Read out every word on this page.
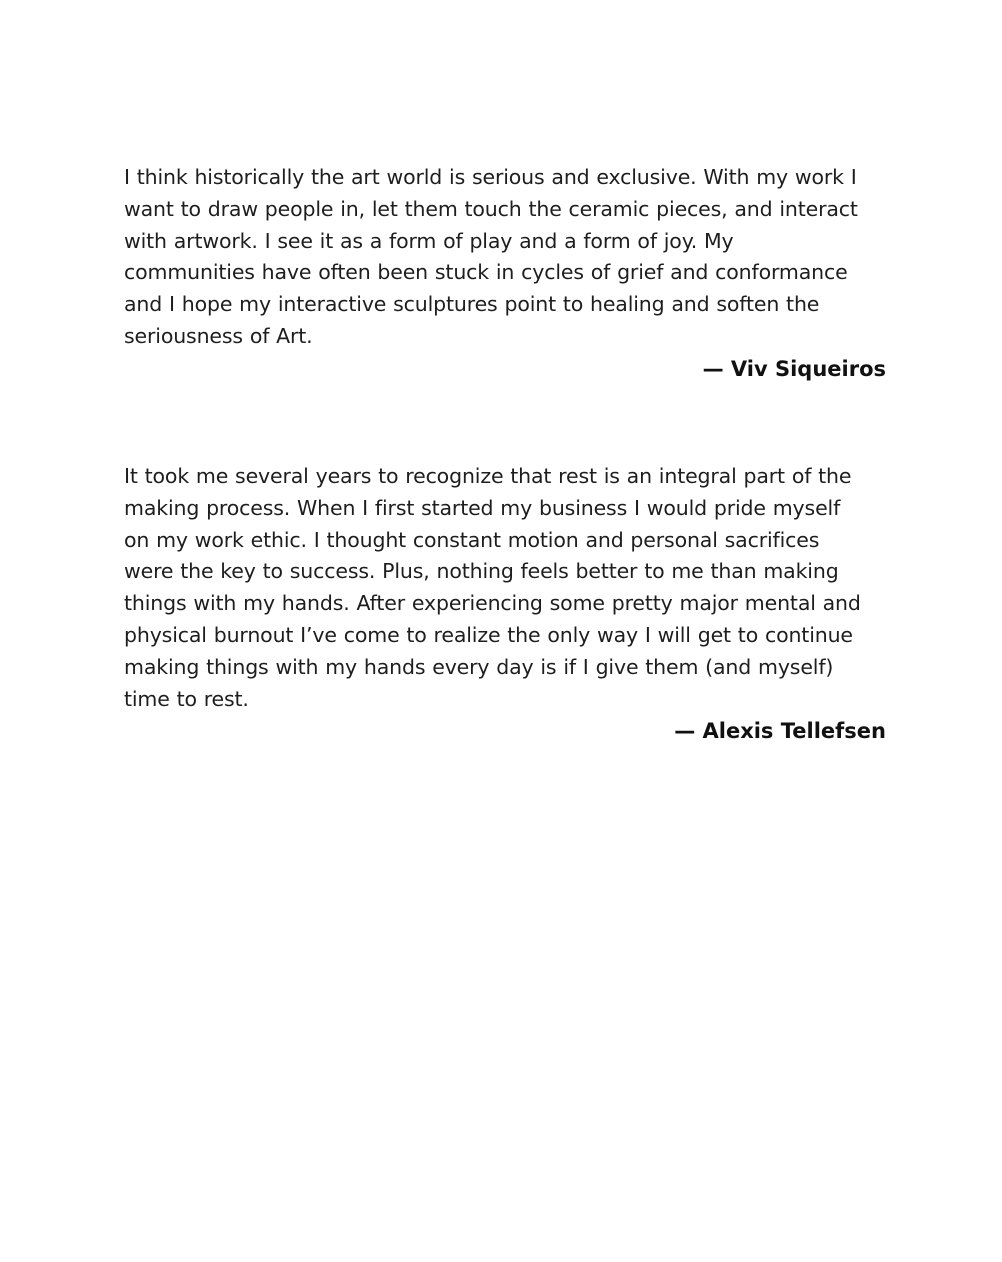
I think historically the art world is serious and exclusive. With my work I
want to draw people in, let them touch the ceramic pieces, and interact
with artwork. I see it as a form of play and a form of joy. My
communities have often been stuck in cycles of grief and conformance
and I hope my interactive sculptures point to healing and soften the
seriousness of Art.

— Viv Siqueiros

It took me several years to recognize that rest is an integral part of the
making process. When I first started my business I would pride myself
on my work ethic. I thought constant motion and personal sacrifices
were the key to success. Plus, nothing feels better to me than making
things with my hands. After experiencing some pretty major mental and
physical burnout I’ve come to realize the only way I will get to continue
making things with my hands every day is if I give them (and myself)
time to rest.

— Alexis Tellefsen
